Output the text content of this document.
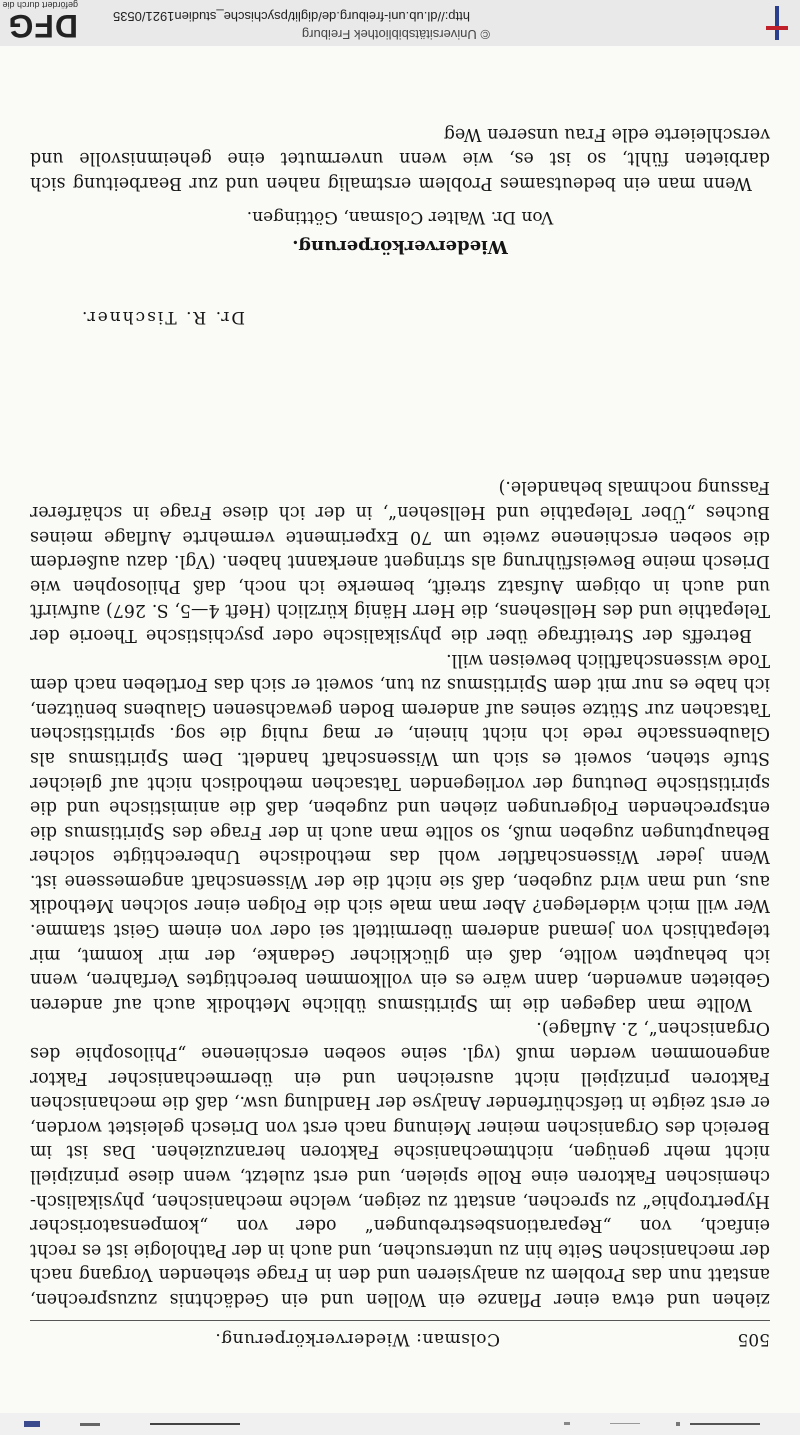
505
Colsman: Wiederverkörperung.

ziehen und etwa einer Pflanze ein Wollen und ein Gedächtnis zuzusprechen, anstatt nun das Problem zu analysieren und den in Frage stehenden Vorgang nach der mechanischen Seite hin zu untersuchen, und auch in der Pathologie ist es recht einfach, von „Reparationsbestrebungen“ oder von „kompensatorischer Hypertrophie“ zu sprechen, anstatt zu zeigen, welche mechanischen, physikalisch-chemischen Faktoren eine Rolle spielen, und erst zuletzt, wenn diese prinzipiell nicht mehr genügen, nichtmechanische Faktoren heranzuziehen. Das ist im Bereich des Organischen meiner Meinung nach erst von Driesch geleistet worden, er erst zeigte in tiefschürfender Analyse der Handlung usw., daß die mechanischen Faktoren prinzipiell nicht ausreichen und ein übermechanischer Faktor angenommen werden muß (vgl. seine soeben erschienene „Philosophie des Organischen“, 2. Auflage).

Wollte man dagegen die im Spiritismus übliche Methodik auch auf anderen Gebieten anwenden, dann wäre es ein vollkommen berechtigtes Verfahren, wenn ich behaupten wollte, daß ein glücklicher Gedanke, der mir kommt, mir telepathisch von jemand anderem übermittelt sei oder von einem Geist stamme. Wer will mich widerlegen? Aber man male sich die Folgen einer solchen Methodik aus, und man wird zugeben, daß sie nicht die der Wissenschaft angemessene ist. Wenn jeder Wissenschaftler wohl das methodische Unberechtigte solcher Behauptungen zugeben muß, so sollte man auch in der Frage des Spiritismus die entsprechenden Folgerungen ziehen und zugeben, daß die animistische und die spiritistische Deutung der vorliegenden Tatsachen methodisch nicht auf gleicher Stufe stehen, soweit es sich um Wissenschaft handelt. Dem Spiritismus als Glaubenssache rede ich nicht hinein, er mag ruhig die sog. spiritistischen Tatsachen zur Stütze seines auf anderem Boden gewachsenen Glaubens benützen, ich habe es nur mit dem Spiritismus zu tun, soweit er sich das Fortleben nach dem Tode wissenschaftlich beweisen will.

Betreffs der Streitfrage über die physikalische oder psychistische Theorie der Telepathie und des Hellsehens, die Herr Hänig kürzlich (Heft 4—5, S. 267) aufwirft und auch in obigem Aufsatz streift, bemerke ich noch, daß Philosophen wie Driesch meine Beweisführung als stringent anerkannt haben. (Vgl. dazu außerdem die soeben erschienene zweite um 70 Experimente vermehrte Auflage meines Buches „Über Telepathie und Hellsehen“, in der ich diese Frage in schärferer Fassung nochmals behandele.)

Dr. R. Tischner.
Wiederverkörperung.
Von Dr. Walter Colsman, Göttingen.

Wenn man ein bedeutsames Problem erstmalig nahen und zur Bearbeitung sich darbieten fühlt, so ist es, wie wenn unvermutet eine geheimnisvolle und verschleierte edle Frau unseren Weg

© Universitätsbibliothek Freiburg
http://dl.ub.uni-freiburg.de/diglit/psychische_studien1921/0535
DFG
gefördert durch die
